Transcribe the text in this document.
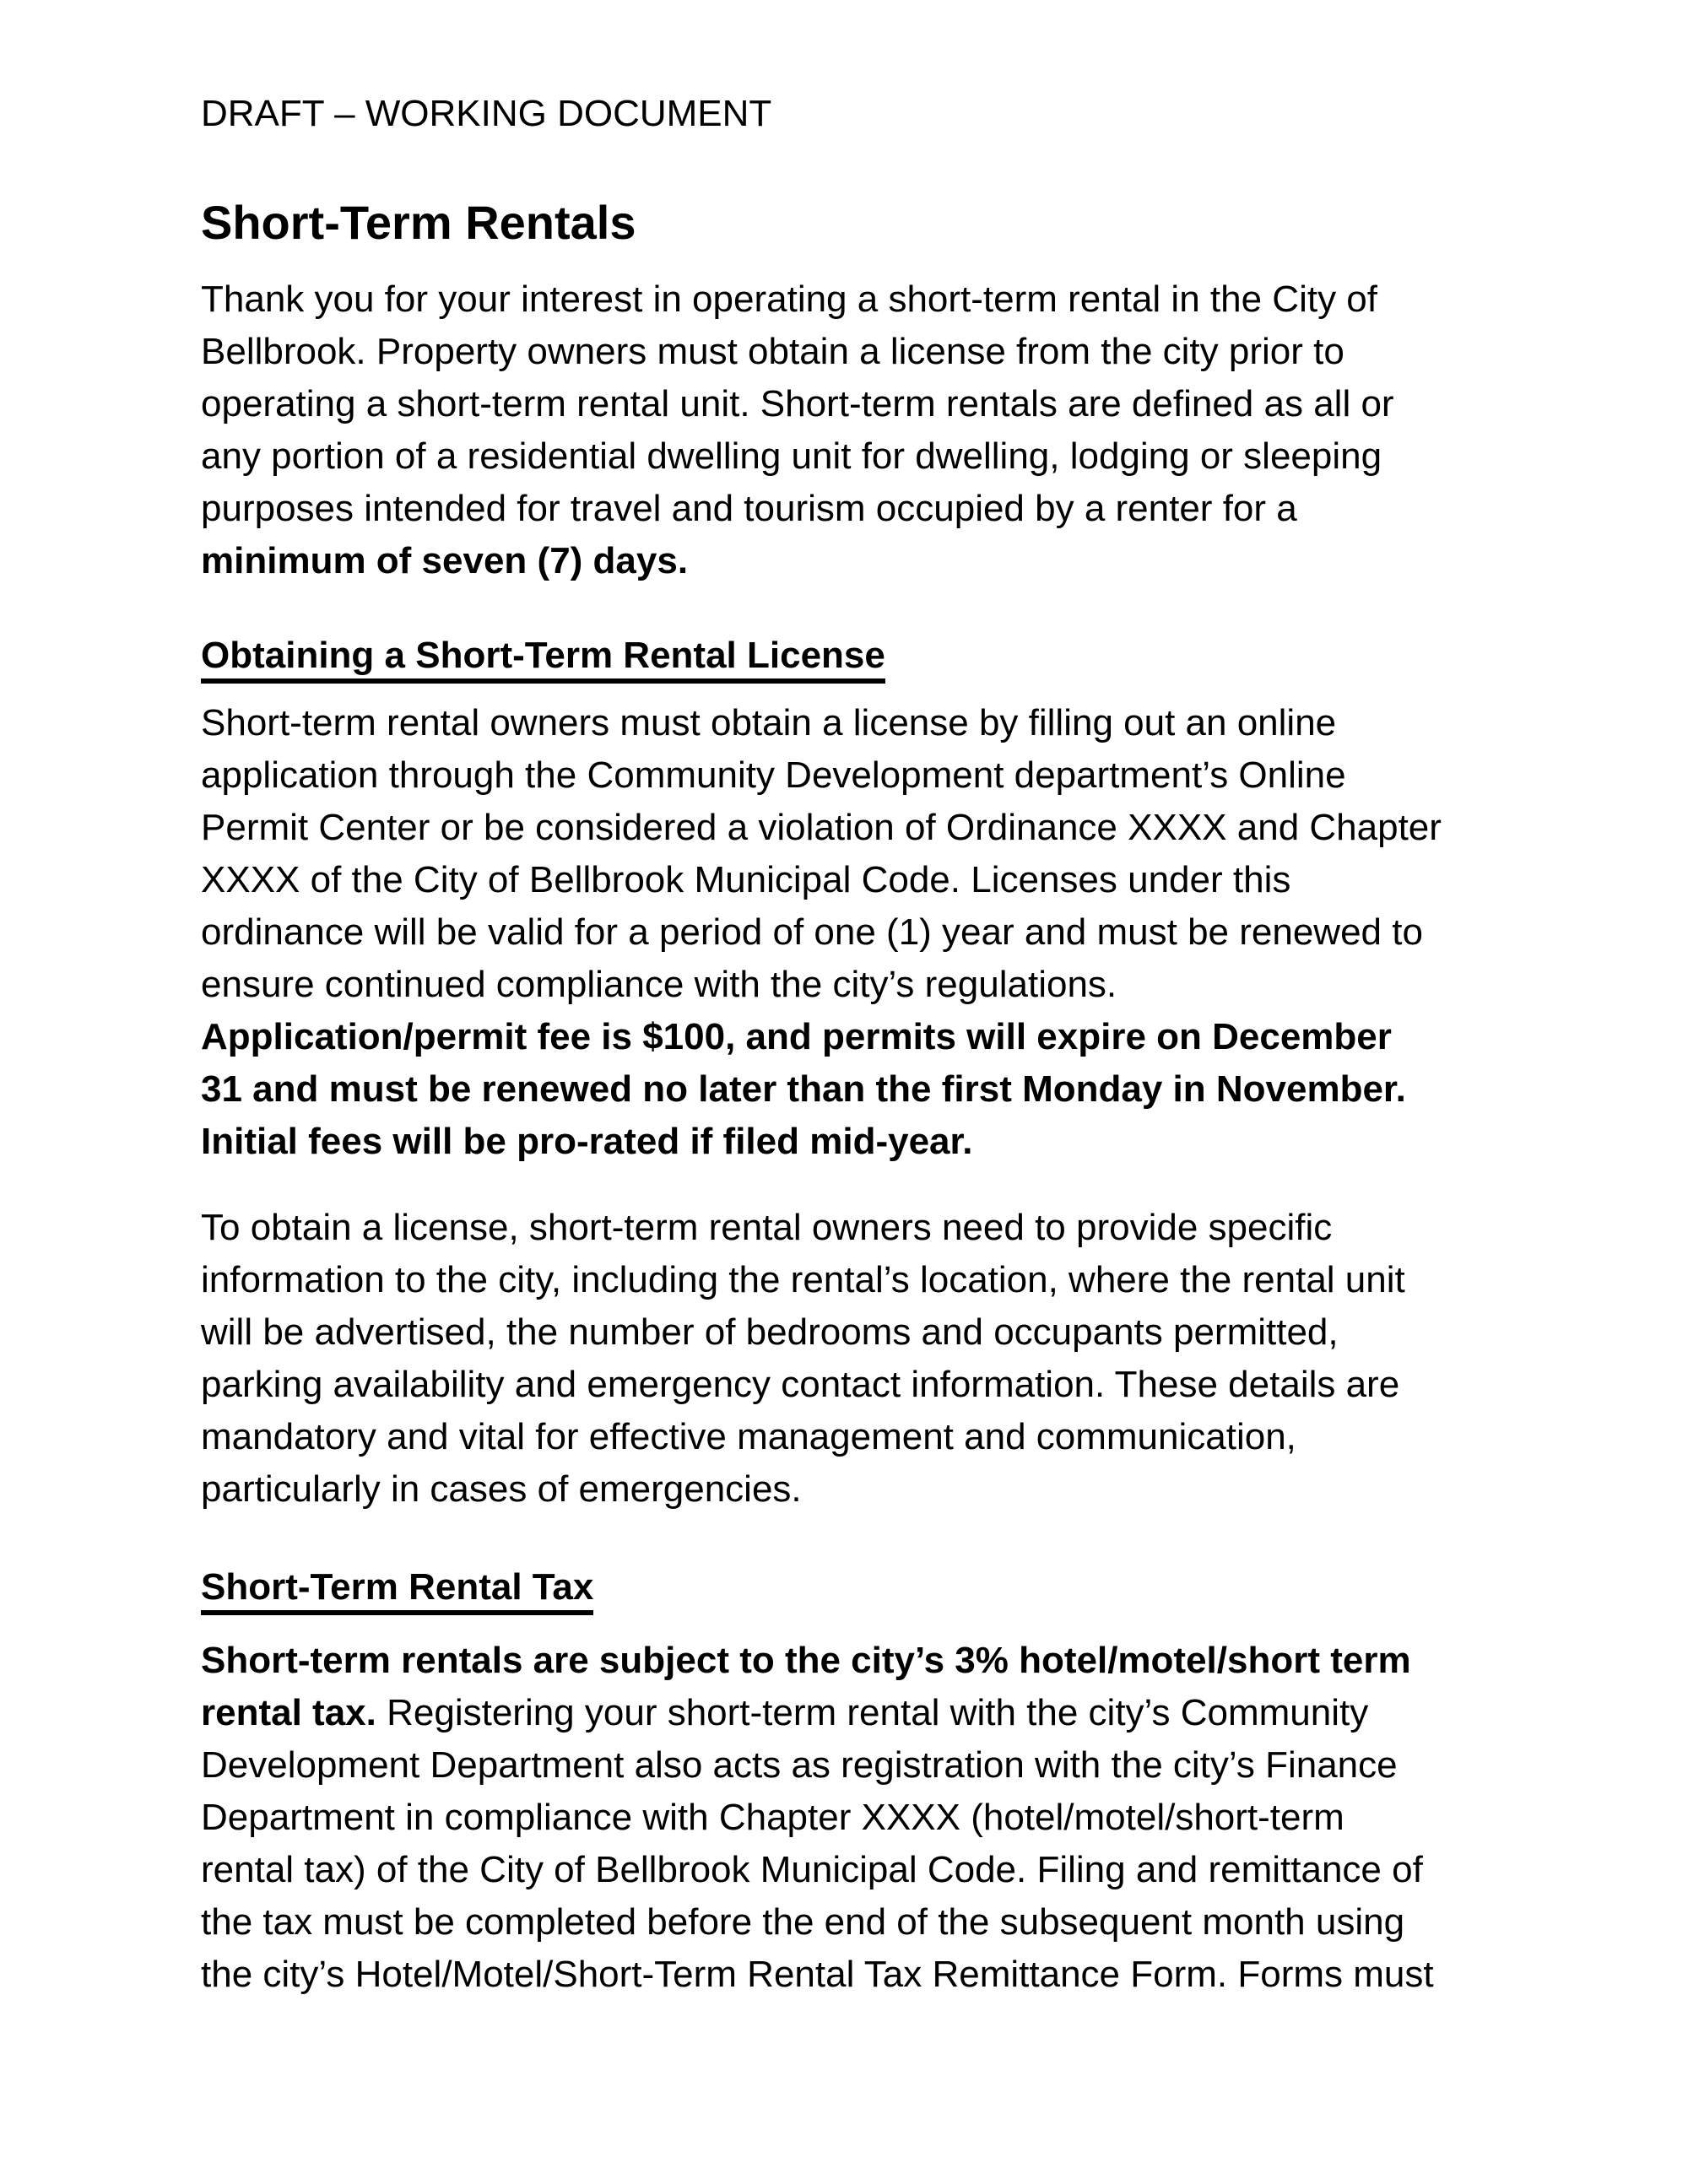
DRAFT – WORKING DOCUMENT
Short-Term Rentals
Thank you for your interest in operating a short-term rental in the City of
Bellbrook. Property owners must obtain a license from the city prior to
operating a short-term rental unit. Short-term rentals are defined as all or
any portion of a residential dwelling unit for dwelling, lodging or sleeping
purposes intended for travel and tourism occupied by a renter for a
minimum of seven (7) days.
Obtaining a Short-Term Rental License
Short-term rental owners must obtain a license by filling out an online
application through the Community Development department’s Online
Permit Center or be considered a violation of Ordinance XXXX and Chapter
XXXX of the City of Bellbrook Municipal Code. Licenses under this
ordinance will be valid for a period of one (1) year and must be renewed to
ensure continued compliance with the city’s regulations.
Application/permit fee is $100, and permits will expire on December
31 and must be renewed no later than the first Monday in November.
Initial fees will be pro-rated if filed mid-year.
To obtain a license, short-term rental owners need to provide specific
information to the city, including the rental’s location, where the rental unit
will be advertised, the number of bedrooms and occupants permitted,
parking availability and emergency contact information. These details are
mandatory and vital for effective management and communication,
particularly in cases of emergencies.
Short-Term Rental Tax
Short-term rentals are subject to the city’s 3% hotel/motel/short term
rental tax. Registering your short-term rental with the city’s Community
Development Department also acts as registration with the city’s Finance
Department in compliance with Chapter XXXX (hotel/motel/short-term
rental tax) of the City of Bellbrook Municipal Code. Filing and remittance of
the tax must be completed before the end of the subsequent month using
the city’s Hotel/Motel/Short-Term Rental Tax Remittance Form. Forms must
